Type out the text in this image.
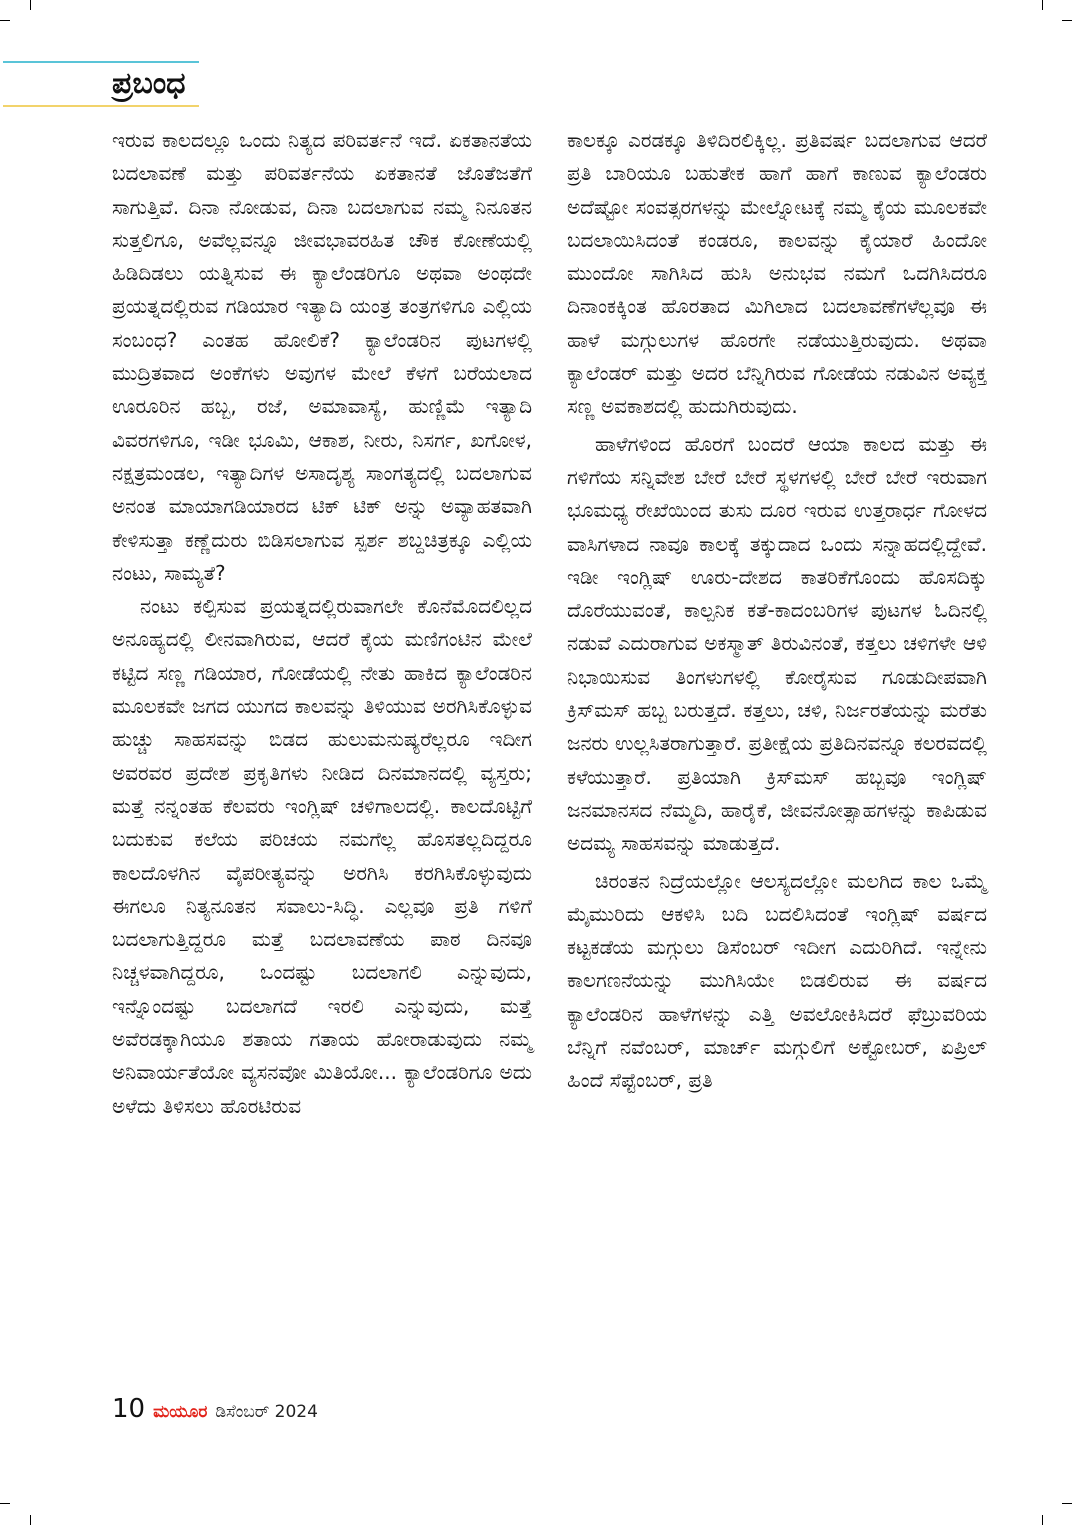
ಪ್ರಬಂಧ

ಇರುವ ಕಾಲದಲ್ಲೂ ಒಂದು ನಿತ್ಯದ ಪರಿವರ್ತನೆ ಇದೆ. ಏಕತಾನತೆಯ ಬದಲಾವಣೆ ಮತ್ತು ಪರಿವರ್ತನೆಯ ಏಕತಾನತೆ ಜೊತೆಜತೆಗೆ ಸಾಗುತ್ತಿವೆ. ದಿನಾ ನೋಡುವ, ದಿನಾ ಬದಲಾಗುವ ನಮ್ಮ ನಿನೂತನ ಸುತ್ತಲಿಗೂ, ಅವೆಲ್ಲವನ್ನೂ ಜೀವಭಾವರಹಿತ ಚೌಕ ಕೋಣೆಯಲ್ಲಿ ಹಿಡಿದಿಡಲು ಯತ್ನಿಸುವ ಈ ಕ್ಯಾಲೆಂಡರಿಗೂ ಅಥವಾ ಅಂಥದೇ ಪ್ರಯತ್ನದಲ್ಲಿರುವ ಗಡಿಯಾರ ಇತ್ಯಾದಿ ಯಂತ್ರ ತಂತ್ರಗಳಿಗೂ ಎಲ್ಲಿಯ ಸಂಬಂಧ? ಎಂತಹ ಹೋಲಿಕೆ? ಕ್ಯಾಲೆಂಡರಿನ ಪುಟಗಳಲ್ಲಿ ಮುದ್ರಿತವಾದ ಅಂಕೆಗಳು ಅವುಗಳ ಮೇಲೆ ಕೆಳಗೆ ಬರೆಯಲಾದ ಊರೂರಿನ ಹಬ್ಬ, ರಜೆ, ಅಮಾವಾಸ್ಯೆ, ಹುಣ್ಣಿಮೆ ಇತ್ಯಾದಿ ವಿವರಗಳಿಗೂ, ಇಡೀ ಭೂಮಿ, ಆಕಾಶ, ನೀರು, ನಿಸರ್ಗ, ಖಗೋಳ, ನಕ್ಷತ್ರಮಂಡಲ, ಇತ್ಯಾದಿಗಳ ಅಸಾದೃಶ್ಯ ಸಾಂಗತ್ಯದಲ್ಲಿ ಬದಲಾಗುವ ಅನಂತ ಮಾಯಾಗಡಿಯಾರದ ಟಿಕ್ ಟಿಕ್ ಅನ್ನು ಅವ್ಯಾಹತವಾಗಿ ಕೇಳಿಸುತ್ತಾ ಕಣ್ಣೆದುರು ಬಿಡಿಸಲಾಗುವ ಸ್ಪರ್ಶ ಶಬ್ದಚಿತ್ರಕ್ಕೂ ಎಲ್ಲಿಯ ನಂಟು, ಸಾಮ್ಯತೆ?

ನಂಟು ಕಲ್ಪಿಸುವ ಪ್ರಯತ್ನದಲ್ಲಿರುವಾಗಲೇ ಕೊನೆಮೊದಲಿಲ್ಲದ ಅನೂಹ್ಯದಲ್ಲಿ ಲೀನವಾಗಿರುವ, ಆದರೆ ಕೈಯ ಮಣಿಗಂಟಿನ ಮೇಲೆ ಕಟ್ಟಿದ ಸಣ್ಣ ಗಡಿಯಾರ, ಗೋಡೆಯಲ್ಲಿ ನೇತು ಹಾಕಿದ ಕ್ಯಾಲೆಂಡರಿನ ಮೂಲಕವೇ ಜಗದ ಯುಗದ ಕಾಲವನ್ನು ತಿಳಿಯುವ ಅರಗಿಸಿಕೊಳ್ಳುವ ಹುಚ್ಚು ಸಾಹಸವನ್ನು ಬಿಡದ ಹುಲುಮನುಷ್ಯರೆಲ್ಲರೂ ಇದೀಗ ಅವರವರ ಪ್ರದೇಶ ಪ್ರಕೃತಿಗಳು ನೀಡಿದ ದಿನಮಾನದಲ್ಲಿ ವ್ಯಸ್ತರು; ಮತ್ತೆ ನನ್ನಂತಹ ಕೆಲವರು ಇಂಗ್ಲಿಷ್ ಚಳಿಗಾಲದಲ್ಲಿ. ಕಾಲದೊಟ್ಟಿಗೆ ಬದುಕುವ ಕಲೆಯ ಪರಿಚಯ ನಮಗೆಲ್ಲ ಹೊಸತಲ್ಲದಿದ್ದರೂ ಕಾಲದೊಳಗಿನ ವೈಪರೀತ್ಯವನ್ನು ಅರಗಿಸಿ ಕರಗಿಸಿಕೊಳ್ಳುವುದು ಈಗಲೂ ನಿತ್ಯನೂತನ ಸವಾಲು-ಸಿದ್ಧಿ. ಎಲ್ಲವೂ ಪ್ರತಿ ಗಳಿಗೆ ಬದಲಾಗುತ್ತಿದ್ದರೂ ಮತ್ತೆ ಬದಲಾವಣೆಯ ಪಾಠ ದಿನವೂ ನಿಚ್ಚಳವಾಗಿದ್ದರೂ, ಒಂದಷ್ಟು ಬದಲಾಗಲಿ ಎನ್ನುವುದು, ಇನ್ನೊಂದಷ್ಟು ಬದಲಾಗದೆ ಇರಲಿ ಎನ್ನುವುದು, ಮತ್ತೆ ಅವೆರಡಕ್ಕಾಗಿಯೂ ಶತಾಯ ಗತಾಯ ಹೋರಾಡುವುದು ನಮ್ಮ ಅನಿವಾರ್ಯತೆಯೋ ವ್ಯಸನವೋ ಮಿತಿಯೋ... ಕ್ಯಾಲೆಂಡರಿಗೂ ಅದು ಅಳೆದು ತಿಳಿಸಲು ಹೊರಟಿರುವ

ಕಾಲಕ್ಕೂ ಎರಡಕ್ಕೂ ತಿಳಿದಿರಲಿಕ್ಕಿಲ್ಲ. ಪ್ರತಿವರ್ಷ ಬದಲಾಗುವ ಆದರೆ ಪ್ರತಿ ಬಾರಿಯೂ ಬಹುತೇಕ ಹಾಗೆ ಹಾಗೆ ಕಾಣುವ ಕ್ಯಾಲೆಂಡರು ಅದೆಷ್ಟೋ ಸಂವತ್ಸರಗಳನ್ನು ಮೇಲ್ನೋಟಕ್ಕೆ ನಮ್ಮ ಕೈಯ ಮೂಲಕವೇ ಬದಲಾಯಿಸಿದಂತೆ ಕಂಡರೂ, ಕಾಲವನ್ನು ಕೈಯಾರೆ ಹಿಂದೋ ಮುಂದೋ ಸಾಗಿಸಿದ ಹುಸಿ ಅನುಭವ ನಮಗೆ ಒದಗಿಸಿದರೂ ದಿನಾಂಕಕ್ಕಿಂತ ಹೊರತಾದ ಮಿಗಿಲಾದ ಬದಲಾವಣೆಗಳೆಲ್ಲವೂ ಈ ಹಾಳೆ ಮಗ್ಗುಲುಗಳ ಹೊರಗೇ ನಡೆಯುತ್ತಿರುವುದು. ಅಥವಾ ಕ್ಯಾಲೆಂಡರ್ ಮತ್ತು ಅದರ ಬೆನ್ನಿಗಿರುವ ಗೋಡೆಯ ನಡುವಿನ ಅವ್ಯಕ್ತ ಸಣ್ಣ ಅವಕಾಶದಲ್ಲಿ ಹುದುಗಿರುವುದು.

ಹಾಳೆಗಳಿಂದ ಹೊರಗೆ ಬಂದರೆ ಆಯಾ ಕಾಲದ ಮತ್ತು ಈ ಗಳಿಗೆಯ ಸನ್ನಿವೇಶ ಬೇರೆ ಬೇರೆ ಸ್ಥಳಗಳಲ್ಲಿ ಬೇರೆ ಬೇರೆ ಇರುವಾಗ ಭೂಮಧ್ಯ ರೇಖೆಯಿಂದ ತುಸು ದೂರ ಇರುವ ಉತ್ತರಾರ್ಧ ಗೋಳದ ವಾಸಿಗಳಾದ ನಾವೂ ಕಾಲಕ್ಕೆ ತಕ್ಕುದಾದ ಒಂದು ಸನ್ನಾಹದಲ್ಲಿದ್ದೇವೆ. ಇಡೀ ಇಂಗ್ಲಿಷ್ ಊರು-ದೇಶದ ಕಾತರಿಕೆಗೊಂದು ಹೊಸದಿಕ್ಕು ದೊರೆಯುವಂತೆ, ಕಾಲ್ಪನಿಕ ಕತೆ-ಕಾದಂಬರಿಗಳ ಪುಟಗಳ ಓದಿನಲ್ಲಿ ನಡುವೆ ಎದುರಾಗುವ ಅಕಸ್ಮಾತ್ ತಿರುವಿನಂತೆ, ಕತ್ತಲು ಚಳಿಗಳೇ ಆಳಿ ನಿಭಾಯಿಸುವ ತಿಂಗಳುಗಳಲ್ಲಿ ಕೋರೈಸುವ ಗೂಡುದೀಪವಾಗಿ ಕ್ರಿಸ್‌ಮಸ್ ಹಬ್ಬ ಬರುತ್ತದೆ. ಕತ್ತಲು, ಚಳಿ, ನಿರ್ಜರತೆಯನ್ನು ಮರೆತು ಜನರು ಉಲ್ಲಸಿತರಾಗುತ್ತಾರೆ. ಪ್ರತೀಕ್ಷೆಯ ಪ್ರತಿದಿನವನ್ನೂ ಕಲರವದಲ್ಲಿ ಕಳೆಯುತ್ತಾರೆ. ಪ್ರತಿಯಾಗಿ ಕ್ರಿಸ್‌ಮಸ್ ಹಬ್ಬವೂ ಇಂಗ್ಲಿಷ್ ಜನಮಾನಸದ ನೆಮ್ಮದಿ, ಹಾರೈಕೆ, ಜೀವನೋತ್ಸಾಹಗಳನ್ನು ಕಾಪಿಡುವ ಅದಮ್ಯ ಸಾಹಸವನ್ನು ಮಾಡುತ್ತದೆ.

ಚಿರಂತನ ನಿದ್ರೆಯಲ್ಲೋ ಆಲಸ್ಯದಲ್ಲೋ ಮಲಗಿದ ಕಾಲ ಒಮ್ಮೆ ಮೈಮುರಿದು ಆಕಳಿಸಿ ಬದಿ ಬದಲಿಸಿದಂತೆ ಇಂಗ್ಲಿಷ್ ವರ್ಷದ ಕಟ್ಟಕಡೆಯ ಮಗ್ಗುಲು ಡಿಸೆಂಬರ್ ಇದೀಗ ಎದುರಿಗಿದೆ. ಇನ್ನೇನು ಕಾಲಗಣನೆಯನ್ನು ಮುಗಿಸಿಯೇ ಬಿಡಲಿರುವ ಈ ವರ್ಷದ ಕ್ಯಾಲೆಂಡರಿನ ಹಾಳೆಗಳನ್ನು ಎತ್ತಿ ಅವಲೋಕಿಸಿದರೆ ಫೆಬ್ರುವರಿಯ ಬೆನ್ನಿಗೆ ನವೆಂಬರ್, ಮಾರ್ಚ್ ಮಗ್ಗುಲಿಗೆ ಅಕ್ಟೋಬರ್, ಏಪ್ರಿಲ್ ಹಿಂದೆ ಸೆಪ್ಟೆಂಬರ್, ಪ್ರತಿ

10 ಮಯೂರ ಡಿಸೆಂಬರ್ 2024
